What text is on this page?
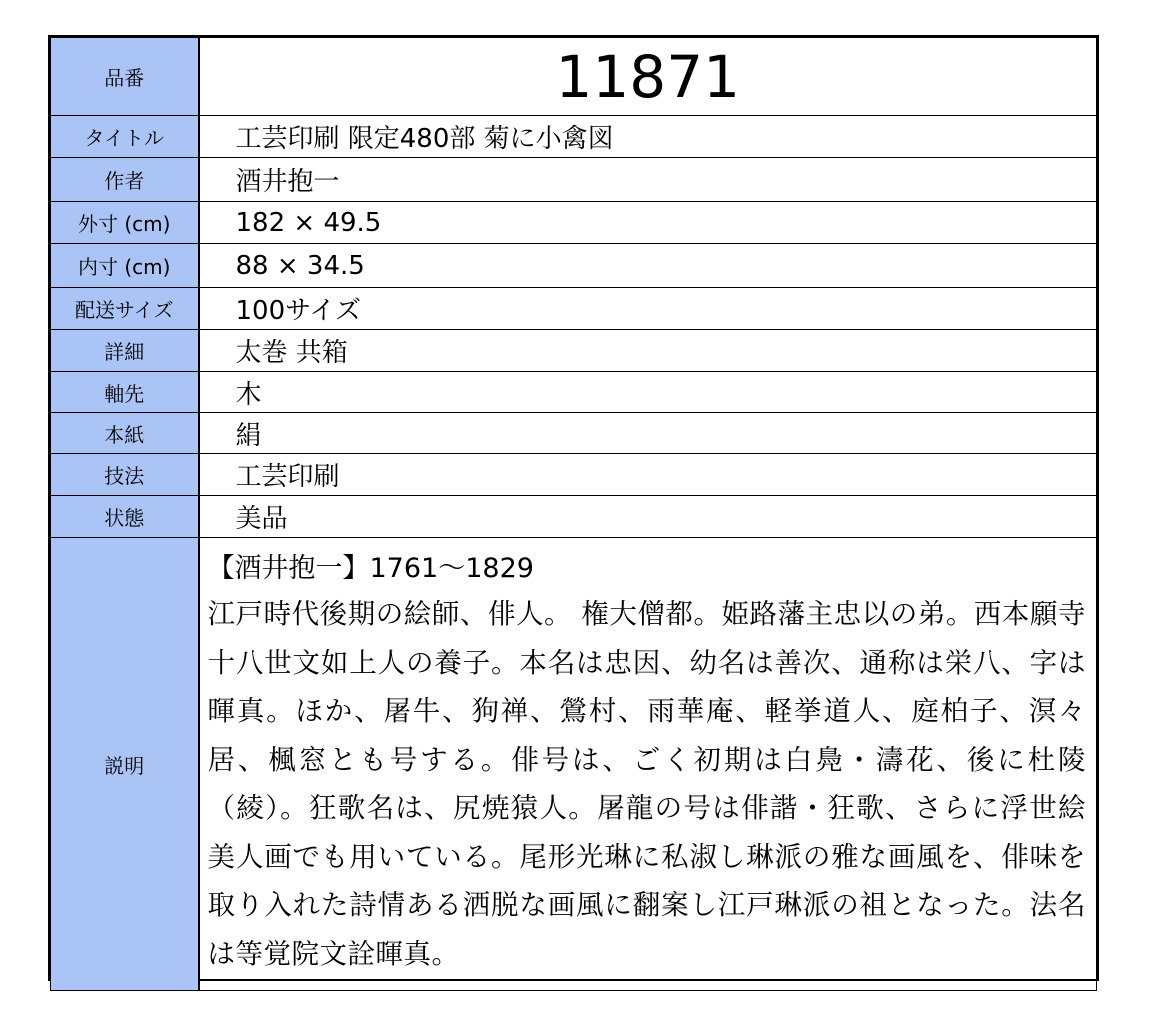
品番	11871
タイトル	工芸印刷 限定480部 菊に小禽図
作者	酒井抱一
外寸 (cm)	182 × 49.5
内寸 (cm)	88 × 34.5
配送サイズ	100サイズ
詳細	太巻 共箱
軸先	木
本紙	絹
技法	工芸印刷
状態	美品
説明	【酒井抱一】1761〜1829
江戸時代後期の絵師、俳人。 権大僧都。姫路藩主忠以の弟。西本願寺十八世文如上人の養子。本名は忠因、幼名は善次、通称は栄八、字は暉真。ほか、屠牛、狗禅、鶯村、雨華庵、軽挙道人、庭柏子、溟々居、楓窓とも号する。俳号は、ごく初期は白鳧・濤花、後に杜陵（綾）。狂歌名は、尻焼猿人。屠龍の号は俳諧・狂歌、さらに浮世絵美人画でも用いている。尾形光琳に私淑し琳派の雅な画風を、俳味を取り入れた詩情ある洒脱な画風に翻案し江戸琳派の祖となった。法名は等覚院文詮暉真。
